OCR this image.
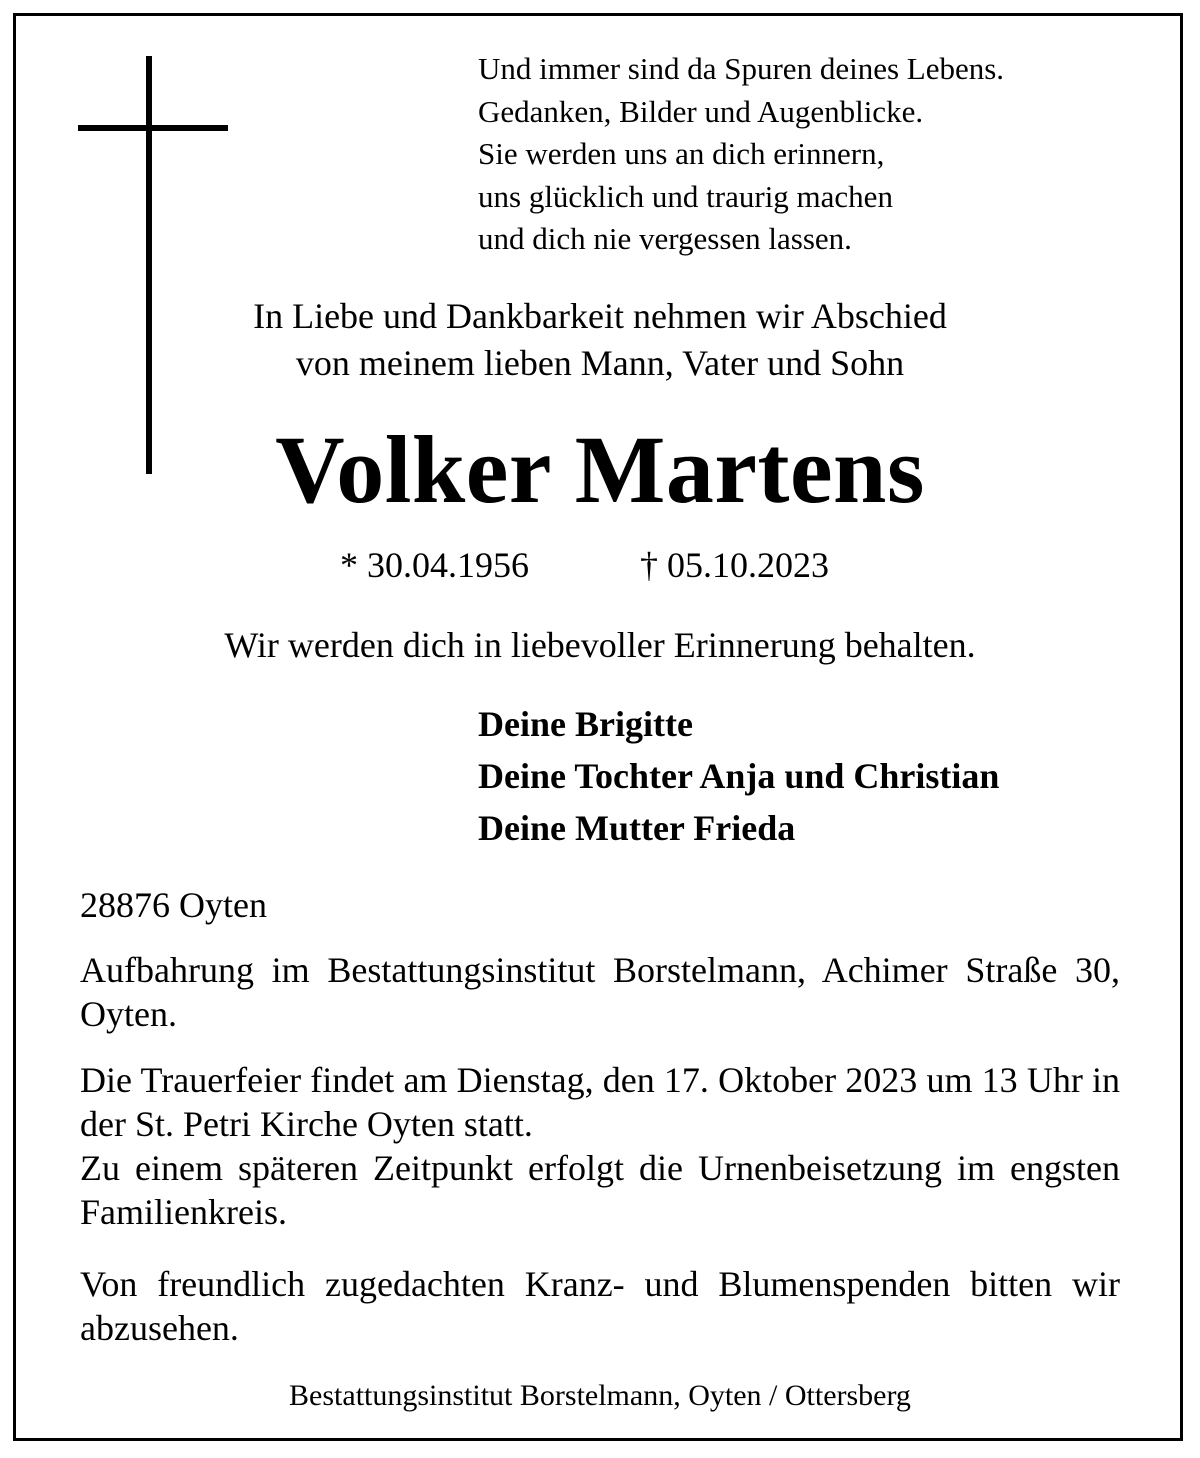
Und immer sind da Spuren deines Lebens.
Gedanken, Bilder und Augenblicke.
Sie werden uns an dich erinnern,
uns glücklich und traurig machen
und dich nie vergessen lassen.
In Liebe und Dankbarkeit nehmen wir Abschied
von meinem lieben Mann, Vater und Sohn
Volker Martens
* 30.04.1956	† 05.10.2023
Wir werden dich in liebevoller Erinnerung behalten.
Deine Brigitte
Deine Tochter Anja und Christian
Deine Mutter Frieda
28876 Oyten
Aufbahrung im Bestattungsinstitut Borstelmann, Achimer Straße 30, Oyten.
Die Trauerfeier findet am Dienstag, den 17. Oktober 2023 um 13 Uhr in der St. Petri Kirche Oyten statt.
Zu einem späteren Zeitpunkt erfolgt die Urnenbeisetzung im engsten Familienkreis.
Von freundlich zugedachten Kranz- und Blumenspenden bitten wir abzusehen.
Bestattungsinstitut Borstelmann, Oyten / Ottersberg
